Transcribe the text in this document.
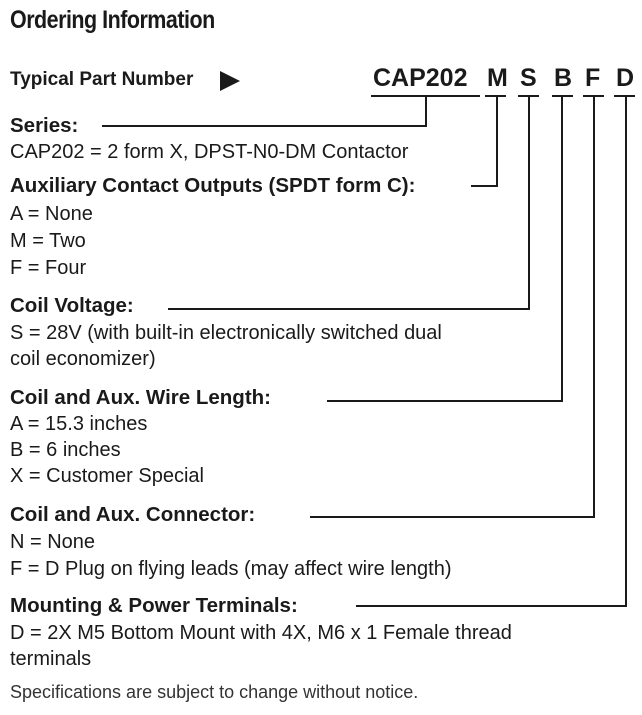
Ordering Information
Typical Part Number	CAP202 M S B F D
Series:
CAP202 = 2 form X, DPST-N0-DM Contactor
Auxiliary Contact Outputs (SPDT form C):
A = None
M = Two
F = Four
Coil Voltage:
S = 28V (with built-in electronically switched dual
coil economizer)
Coil and Aux. Wire Length:
A = 15.3 inches
B = 6 inches
X = Customer Special
Coil and Aux. Connector:
N = None
F = D Plug on flying leads (may affect wire length)
Mounting & Power Terminals:
D = 2X M5 Bottom Mount with 4X, M6 x 1 Female thread
terminals
Specifications are subject to change without notice.
